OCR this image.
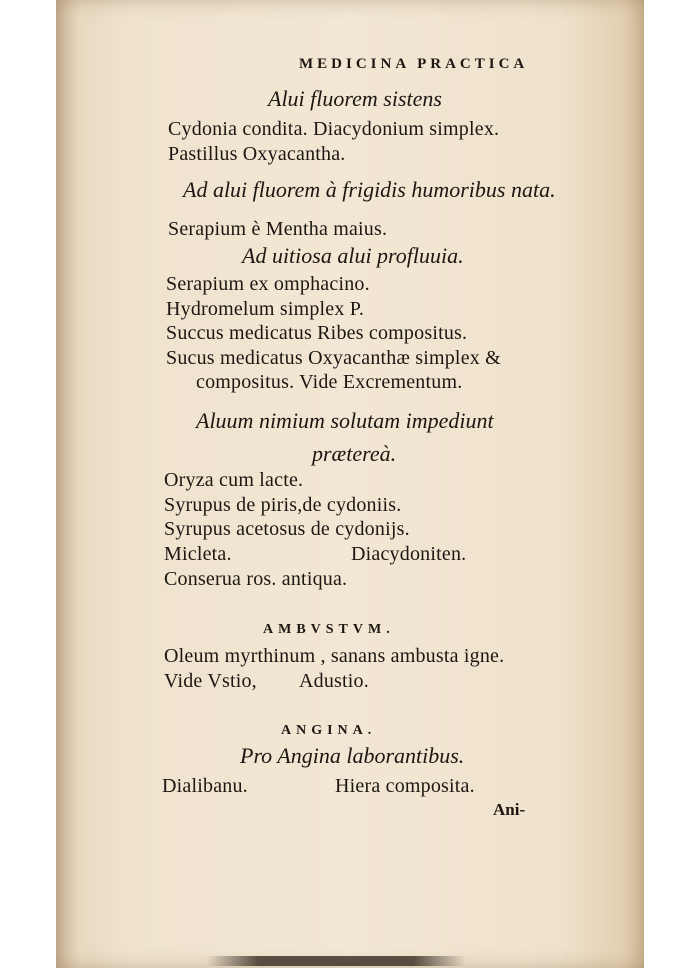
MEDICINA PRACTICA
Alui fluorem sistens
Cydonia condita. Diacydonium simplex.
Pastillus Oxyacantha.
Ad alui fluorem à frigidis humoribus nata.
Serapium è Mentha maius.
Ad uitiosa alui profluuia.
Serapium ex omphacino.
Hydromelum simplex P.
Succus medicatus Ribes compositus.
Sucus medicatus Oxyacanthæ simplex &
compositus. Vide Excrementum.
Aluum nimium solutam impediunt
prætereà.
Oryza cum lacte.
Syrupus de piris,de cydoniis.
Syrupus acetosus de cydonijs.
Micleta.	Diacydoniten.
Conserua ros. antiqua.
AMBVSTVM.
Oleum myrthinum , sanans ambusta igne.
Vide Vstio, Adustio.
ANGINA.
Pro Angina laborantibus.
Dialibanu.	Hiera composita.
Ani-
